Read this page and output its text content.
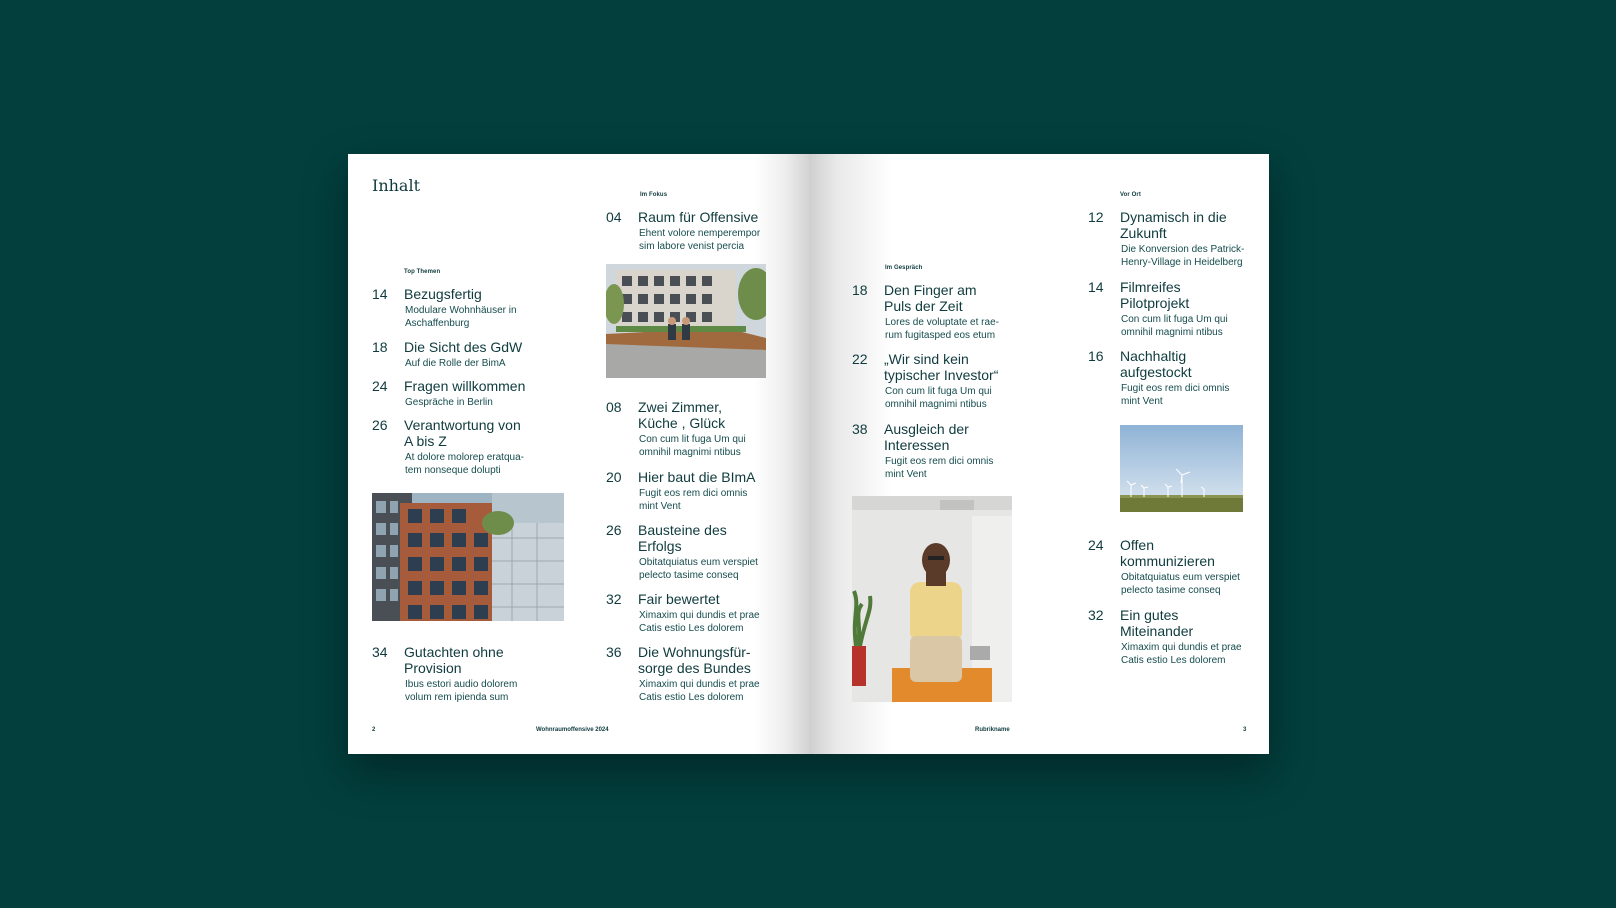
Inhalt
Top Themen
Im Fokus
14 Bezugsfertig
Modulare Wohnhäuser in
Aschaffenburg
18 Die Sicht des GdW
Auf die Rolle der BimA
24 Fragen willkommen
Gespräche in Berlin
26 Verantwortung von
A bis Z
At dolore molorep eratqua-
tem nonseque dolupti
34 Gutachten ohne
Provision
Ibus estori audio dolorem
volum rem ipienda sum
04 Raum für Offensive
Ehent volore nemperempor
sim labore venist percia
08 Zwei Zimmer,
Küche , Glück
Con cum lit fuga Um qui
omnihil magnimi ntibus
20 Hier baut die BImA
Fugit eos rem dici omnis
mint Vent
26 Bausteine des
Erfolgs
Obitatquiatus eum verspiet
pelecto tasime conseq
32 Fair bewertet
Ximaxim qui dundis et prae
Catis estio Les dolorem
36 Die Wohnungsfür-
sorge des Bundes
Ximaxim qui dundis et prae
Catis estio Les dolorem
2	Wohnraumoffensive 2024
Im Gespräch
Vor Ort
18 Den Finger am
Puls der Zeit
Lores de voluptate et rae-
rum fugitasped eos etum
22 „Wir sind kein
typischer Investor“
Con cum lit fuga Um qui
omnihil magnimi ntibus
38 Ausgleich der
Interessen
Fugit eos rem dici omnis
mint Vent
12 Dynamisch in die
Zukunft
Die Konversion des Patrick-
Henry-Village in Heidelberg
14 Filmreifes
Pilotprojekt
Con cum lit fuga Um qui
omnihil magnimi ntibus
16 Nachhaltig
aufgestockt
Fugit eos rem dici omnis
mint Vent
24 Offen
kommunizieren
Obitatquiatus eum verspiet
pelecto tasime conseq
32 Ein gutes
Miteinander
Ximaxim qui dundis et prae
Catis estio Les dolorem
Rubrikname	3
